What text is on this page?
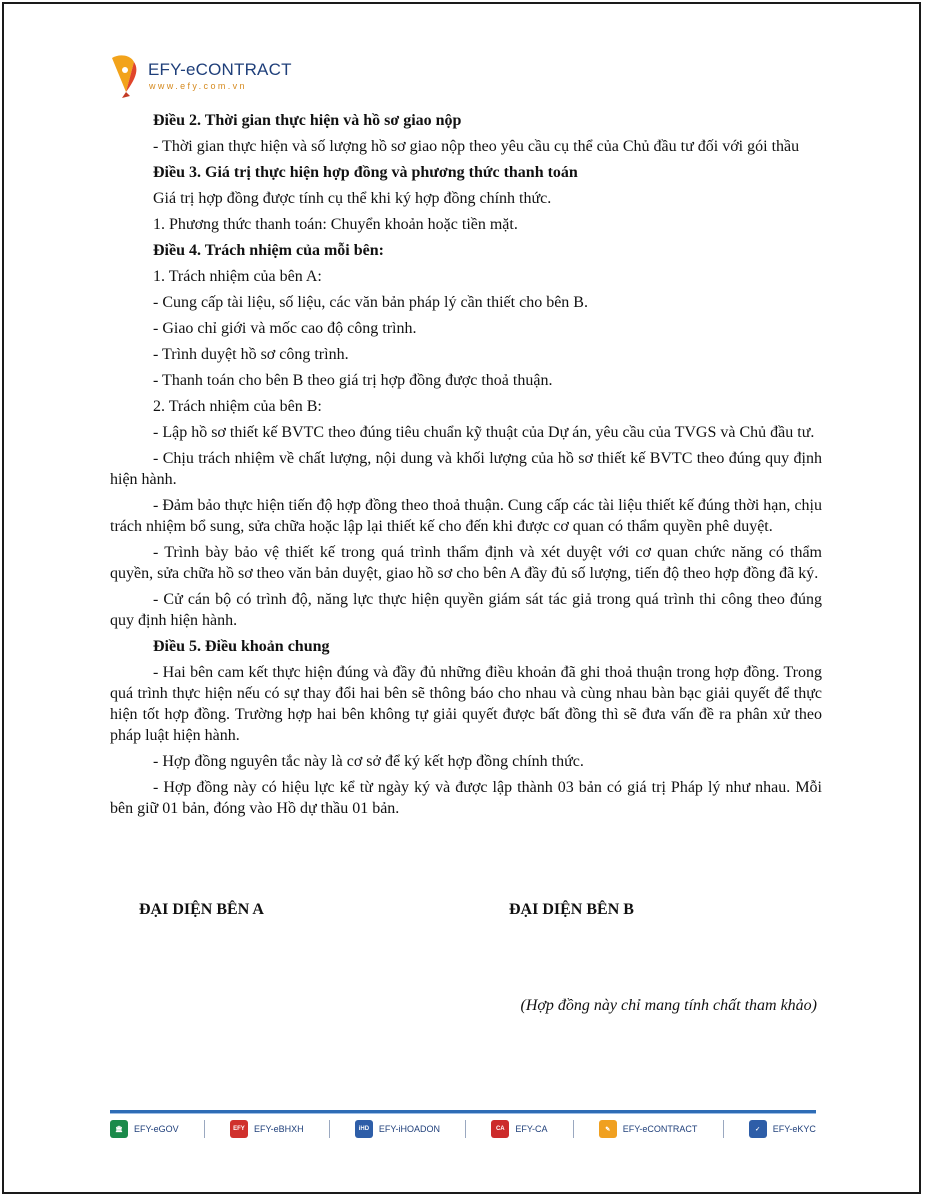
EFY-eCONTRACT
www.efy.com.vn

Điều 2. Thời gian thực hiện và hồ sơ giao nộp

- Thời gian thực hiện và số lượng hồ sơ giao nộp theo yêu cầu cụ thể của Chủ đầu tư đối với gói thầu

Điều 3. Giá trị thực hiện hợp đồng và phương thức thanh toán

Giá trị hợp đồng được tính cụ thể khi ký hợp đồng chính thức.

1. Phương thức thanh toán: Chuyển khoản hoặc tiền mặt.

Điều 4. Trách nhiệm của mỗi bên:

1. Trách nhiệm của bên A:

- Cung cấp tài liệu, số liệu, các văn bản pháp lý cần thiết cho bên B.

- Giao chỉ giới và mốc cao độ công trình.

- Trình duyệt hồ sơ công trình.

- Thanh toán cho bên B theo giá trị hợp đồng được thoả thuận.

2. Trách nhiệm của bên B:

- Lập hồ sơ thiết kế BVTC theo đúng tiêu chuẩn kỹ thuật của Dự án, yêu cầu của TVGS và Chủ đầu tư.

- Chịu trách nhiệm về chất lượng, nội dung và khối lượng của hồ sơ thiết kế BVTC theo đúng quy định hiện hành.

- Đảm bảo thực hiện tiến độ hợp đồng theo thoả thuận. Cung cấp các tài liệu thiết kế đúng thời hạn, chịu trách nhiệm bổ sung, sửa chữa hoặc lập lại thiết kế cho đến khi được cơ quan có thẩm quyền phê duyệt.

- Trình bày bảo vệ thiết kế trong quá trình thẩm định và xét duyệt với cơ quan chức năng có thẩm quyền, sửa chữa hồ sơ theo văn bản duyệt, giao hồ sơ cho bên A đầy đủ số lượng, tiến độ theo hợp đồng đã ký.

- Cử cán bộ có trình độ, năng lực thực hiện quyền giám sát tác giả trong quá trình thi công theo đúng quy định hiện hành.

Điều 5. Điều khoản chung

- Hai bên cam kết thực hiện đúng và đầy đủ những điều khoản đã ghi thoả thuận trong hợp đồng. Trong quá trình thực hiện nếu có sự thay đổi hai bên sẽ thông báo cho nhau và cùng nhau bàn bạc giải quyết để thực hiện tốt hợp đồng. Trường hợp hai bên không tự giải quyết được bất đồng thì sẽ đưa vấn đề ra phân xử theo pháp luật hiện hành.

- Hợp đồng nguyên tắc này là cơ sở để ký kết hợp đồng chính thức.

- Hợp đồng này có hiệu lực kể từ ngày ký và được lập thành 03 bản có giá trị Pháp lý như nhau. Mỗi bên giữ 01 bản, đóng vào Hồ dự thầu 01 bản.

ĐẠI DIỆN BÊN A	ĐẠI DIỆN BÊN B
(Hợp đồng này chỉ mang tính chất tham khảo)
🏛	EFY-eGOV	EFY	EFY-eBHXH	iHD	EFY-iHOADON	CA	EFY-CA	✎	EFY-eCONTRACT	✓	EFY-eKYC
